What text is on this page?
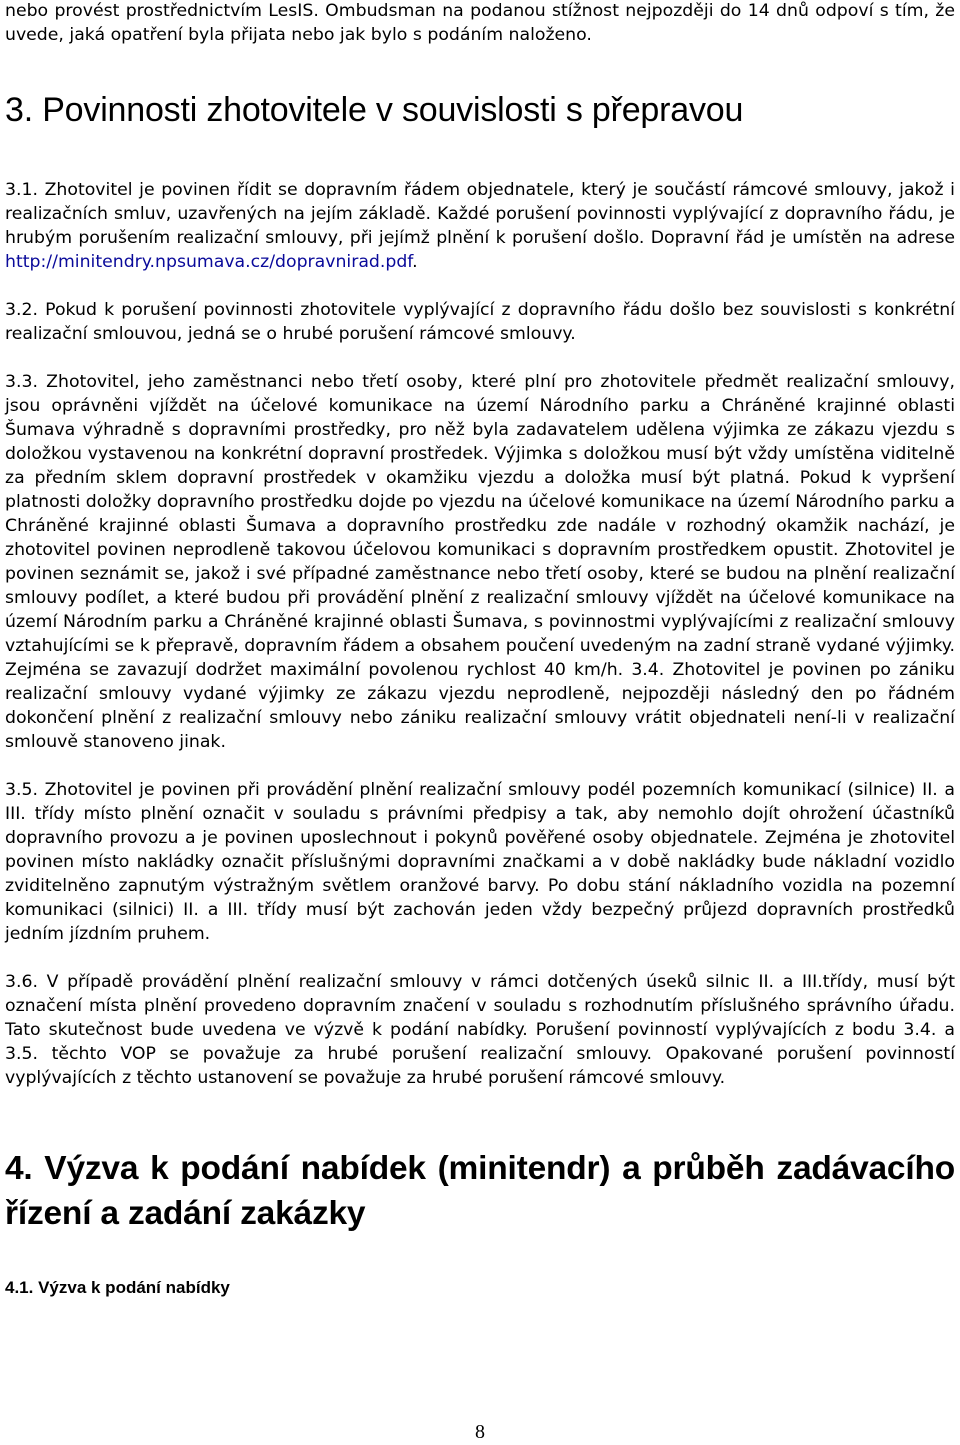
nebo provést prostřednictvím LesIS. Ombudsman na podanou stížnost nejpozději do 14 dnů odpoví s tím, že uvede, jaká opatření byla přijata nebo jak bylo s podáním naloženo.

3. Povinnosti zhotovitele v souvislosti s přepravou

3.1. Zhotovitel je povinen řídit se dopravním řádem objednatele, který je součástí rámcové smlouvy, jakož i realizačních smluv, uzavřených na jejím základě. Každé porušení povinnosti vyplývající z dopravního řádu, je hrubým porušením realizační smlouvy, při jejímž plnění k porušení došlo. Dopravní řád je umístěn na adrese http://minitendry.npsumava.cz/dopravnirad.pdf.

3.2. Pokud k porušení povinnosti zhotovitele vyplývající z dopravního řádu došlo bez souvislosti s konkrétní realizační smlouvou, jedná se o hrubé porušení rámcové smlouvy.

3.3. Zhotovitel, jeho zaměstnanci nebo třetí osoby, které plní pro zhotovitele předmět realizační smlouvy, jsou oprávněni vjíždět na účelové komunikace na území Národního parku a Chráněné krajinné oblasti Šumava výhradně s dopravními prostředky, pro něž byla zadavatelem udělena výjimka ze zákazu vjezdu s doložkou vystavenou na konkrétní dopravní prostředek. Výjimka s doložkou musí být vždy umístěna viditelně za předním sklem dopravní prostředek v okamžiku vjezdu a doložka musí být platná. Pokud k vypršení platnosti doložky dopravního prostředku dojde po vjezdu na účelové komunikace na území Národního parku a Chráněné krajinné oblasti Šumava a dopravního prostředku zde nadále v rozhodný okamžik nachází, je zhotovitel povinen neprodleně takovou účelovou komunikaci s dopravním prostředkem opustit. Zhotovitel je povinen seznámit se, jakož i své případné zaměstnance nebo třetí osoby, které se budou na plnění realizační smlouvy podílet, a které budou při provádění plnění z realizační smlouvy vjíždět na účelové komunikace na území Národním parku a Chráněné krajinné oblasti Šumava, s povinnostmi vyplývajícími z realizační smlouvy vztahujícími se k přepravě, dopravním řádem a obsahem poučení uvedeným na zadní straně vydané výjimky. Zejména se zavazují dodržet maximální povolenou rychlost 40 km/h. 3.4. Zhotovitel je povinen po zániku realizační smlouvy vydané výjimky ze zákazu vjezdu neprodleně, nejpozději následný den po řádném dokončení plnění z realizační smlouvy nebo zániku realizační smlouvy vrátit objednateli není-li v realizační smlouvě stanoveno jinak.

3.5. Zhotovitel je povinen při provádění plnění realizační smlouvy podél pozemních komunikací (silnice) II. a III. třídy místo plnění označit v souladu s právními předpisy a tak, aby nemohlo dojít ohrožení účastníků dopravního provozu a je povinen uposlechnout i pokynů pověřené osoby objednatele. Zejména je zhotovitel povinen místo nakládky označit příslušnými dopravními značkami a v době nakládky bude nákladní vozidlo zviditelněno zapnutým výstražným světlem oranžové barvy. Po dobu stání nákladního vozidla na pozemní komunikaci (silnici) II. a III. třídy musí být zachován jeden vždy bezpečný průjezd dopravních prostředků jedním jízdním pruhem.

3.6. V případě provádění plnění realizační smlouvy v rámci dotčených úseků silnic II. a III.třídy, musí být označení místa plnění provedeno dopravním značení v souladu s rozhodnutím příslušného správního úřadu. Tato skutečnost bude uvedena ve výzvě k podání nabídky. Porušení povinností vyplývajících z bodu 3.4. a 3.5. těchto VOP se považuje za hrubé porušení realizační smlouvy. Opakované porušení povinností vyplývajících z těchto ustanovení se považuje za hrubé porušení rámcové smlouvy.

4. Výzva k podání nabídek (minitendr) a průběh zadávacího řízení a zadání zakázky
4.1. Výzva k podání nabídky
8
